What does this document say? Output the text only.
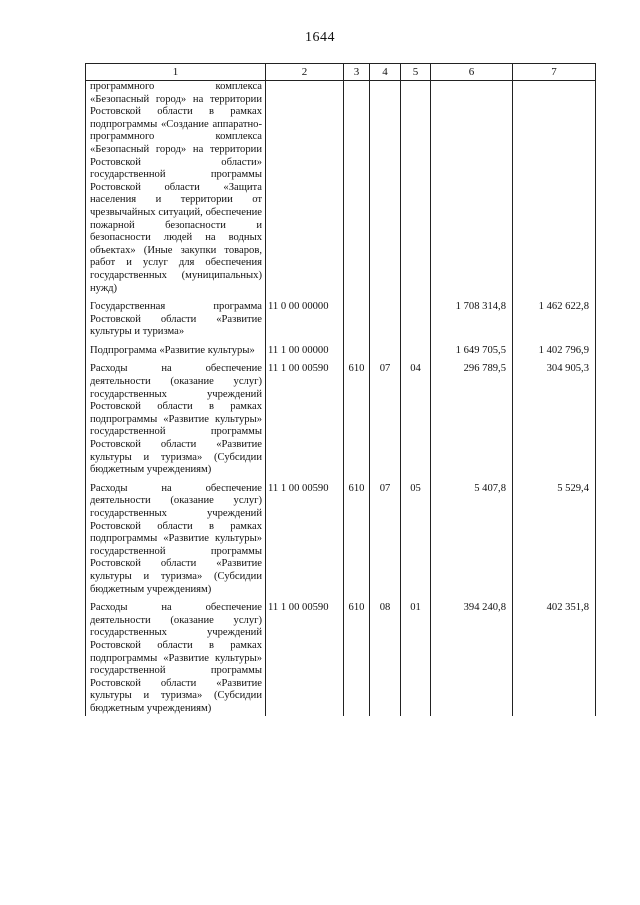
1644
1	2	3	4	5	6	7
программного комплекса «Безопасный город» на территории Ростовской области в рамках подпрограммы «Создание аппаратно-программного комплекса «Безопасный город» на территории Ростовской области» государственной программы Ростовской области «Защита населения и территории от чрезвычайных ситуаций, обеспечение пожарной безопасности и безопасности людей на водных объектах» (Иные закупки товаров, работ и услуг для обеспечения государственных (муниципальных) нужд)						
Государственная программа Ростовской области «Развитие культуры и туризма»	11 0 00 00000				1 708 314,8	1 462 622,8
Подпрограмма «Развитие культуры»	11 1 00 00000				1 649 705,5	1 402 796,9
Расходы на обеспечение деятельности (оказание услуг) государственных учреждений Ростовской области в рамках подпрограммы «Развитие культуры» государственной программы Ростовской области «Развитие культуры и туризма» (Субсидии бюджетным учреждениям)	11 1 00 00590	610	07	04	296 789,5	304 905,3
Расходы на обеспечение деятельности (оказание услуг) государственных учреждений Ростовской области в рамках подпрограммы «Развитие культуры» государственной программы Ростовской области «Развитие культуры и туризма» (Субсидии бюджетным учреждениям)	11 1 00 00590	610	07	05	5 407,8	5 529,4
Расходы на обеспечение деятельности (оказание услуг) государственных учреждений Ростовской области в рамках подпрограммы «Развитие культуры» государственной программы Ростовской области «Развитие культуры и туризма» (Субсидии бюджетным учреждениям)	11 1 00 00590	610	08	01	394 240,8	402 351,8
